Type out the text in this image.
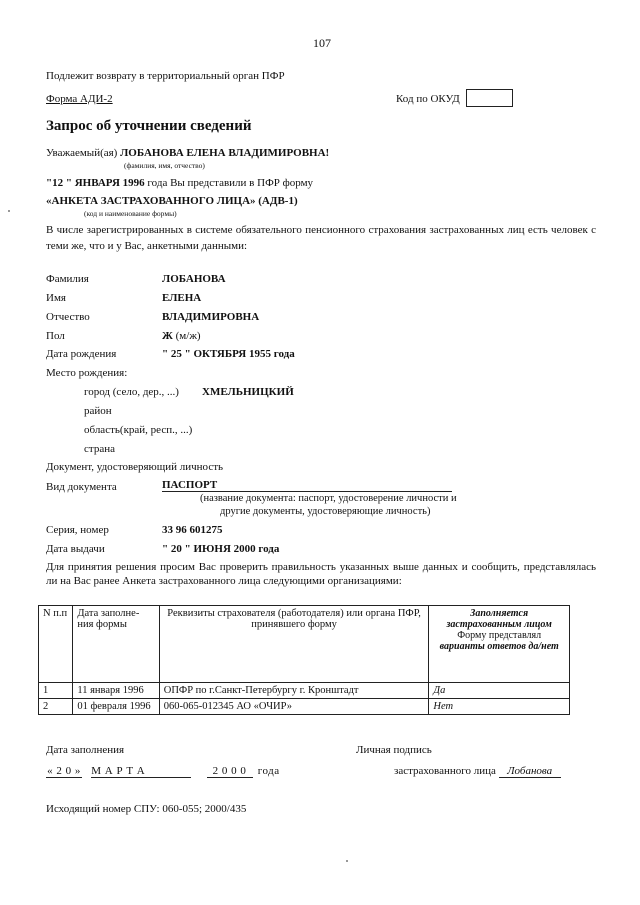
107
Подлежит возврату в территориальный орган ПФР
Форма АДИ-2	Код по ОКУД
Запрос об уточнении сведений
Уважаемый(ая) ЛОБАНОВА ЕЛЕНА ВЛАДИМИРОВНА!
(фамилия, имя, отчество)
"12 " ЯНВАРЯ 1996 года Вы представили в ПФР форму
«АНКЕТА ЗАСТРАХОВАННОГО ЛИЦА» (АДВ-1)
(код и наименование формы)
В числе зарегистрированных в системе обязательного пенсионного страхования застрахованных лиц есть человек с теми же, что и у Вас, анкетными данными:
Фамилия	ЛОБАНОВА
Имя	ЕЛЕНА
Отчество	ВЛАДИМИРОВНА
Пол	Ж (м/ж)
Дата рождения	" 25 " ОКТЯБРЯ 1955 года
Место рождения:
город (село, дер., ...) ХМЕЛЬНИЦКИЙ
район
область(край, респ., ...)
страна
Документ, удостоверяющий личность
Вид документа	ПАСПОРТ
(название документа: паспорт, удостоверение личности и
другие документы, удостоверяющие личность)
Серия, номер	33 96 601275
Дата выдачи	" 20 " ИЮНЯ 2000 года
Для принятия решения просим Вас проверить правильность указанных выше данных и сообщить, представлялась ли на Вас ранее Анкета застрахованного лица следующими организациями:
N п.п	Дата заполне-ния формы	Реквизиты страхователя (работодателя) или органа ПФР, принявшего форму	Заполняется застрахованным лицом
Форму представлял
варианты ответов да/нет

1	11 января 1996	ОПФР по г.Санкт-Петербургу г. Кронштадт	Да
2	01 февраля 1996	060-065-012345 АО «ОЧИР»	Нет
Дата заполнения	Личная подпись
« 2 0 » М А Р Т А	2 0 0 0 года	застрахованного лица Лобанова
Исходящий номер СПУ: 060-055; 2000/435
